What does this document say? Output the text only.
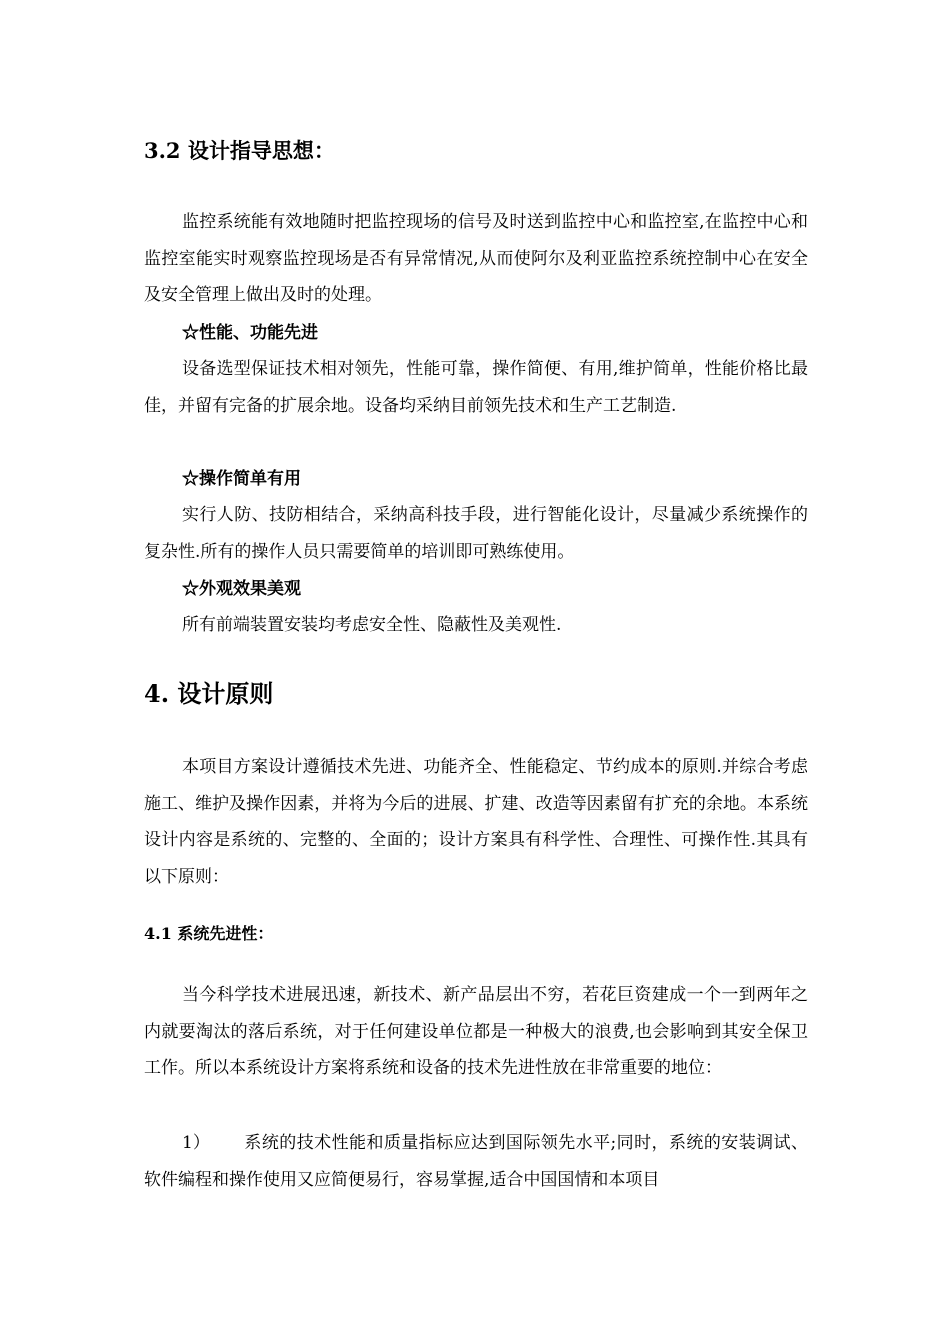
3.2 设计指导思想：
监控系统能有效地随时把监控现场的信号及时送到监控中心和监控室,在监控中心和监控室能实时观察监控现场是否有异常情况,从而使阿尔及利亚监控系统控制中心在安全及安全管理上做出及时的处理。
☆性能、功能先进
设备选型保证技术相对领先，性能可靠，操作简便、有用,维护简单，性能价格比最佳，并留有完备的扩展余地。设备均采纳目前领先技术和生产工艺制造.
☆操作简单有用
实行人防、技防相结合，采纳高科技手段，进行智能化设计，尽量减少系统操作的复杂性.所有的操作人员只需要简单的培训即可熟练使用。
☆外观效果美观
所有前端装置安装均考虑安全性、隐蔽性及美观性.
4. 设计原则
本项目方案设计遵循技术先进、功能齐全、性能稳定、节约成本的原则.并综合考虑施工、维护及操作因素，并将为今后的进展、扩建、改造等因素留有扩充的余地。本系统设计内容是系统的、完整的、全面的；设计方案具有科学性、合理性、可操作性.其具有以下原则：
4.1 系统先进性：
当今科学技术进展迅速，新技术、新产品层出不穷，若花巨资建成一个一到两年之内就要淘汰的落后系统，对于任何建设单位都是一种极大的浪费,也会影响到其安全保卫工作。所以本系统设计方案将系统和设备的技术先进性放在非常重要的地位：
1） 系统的技术性能和质量指标应达到国际领先水平;同时，系统的安装调试、软件编程和操作使用又应简便易行，容易掌握,适合中国国情和本项目
